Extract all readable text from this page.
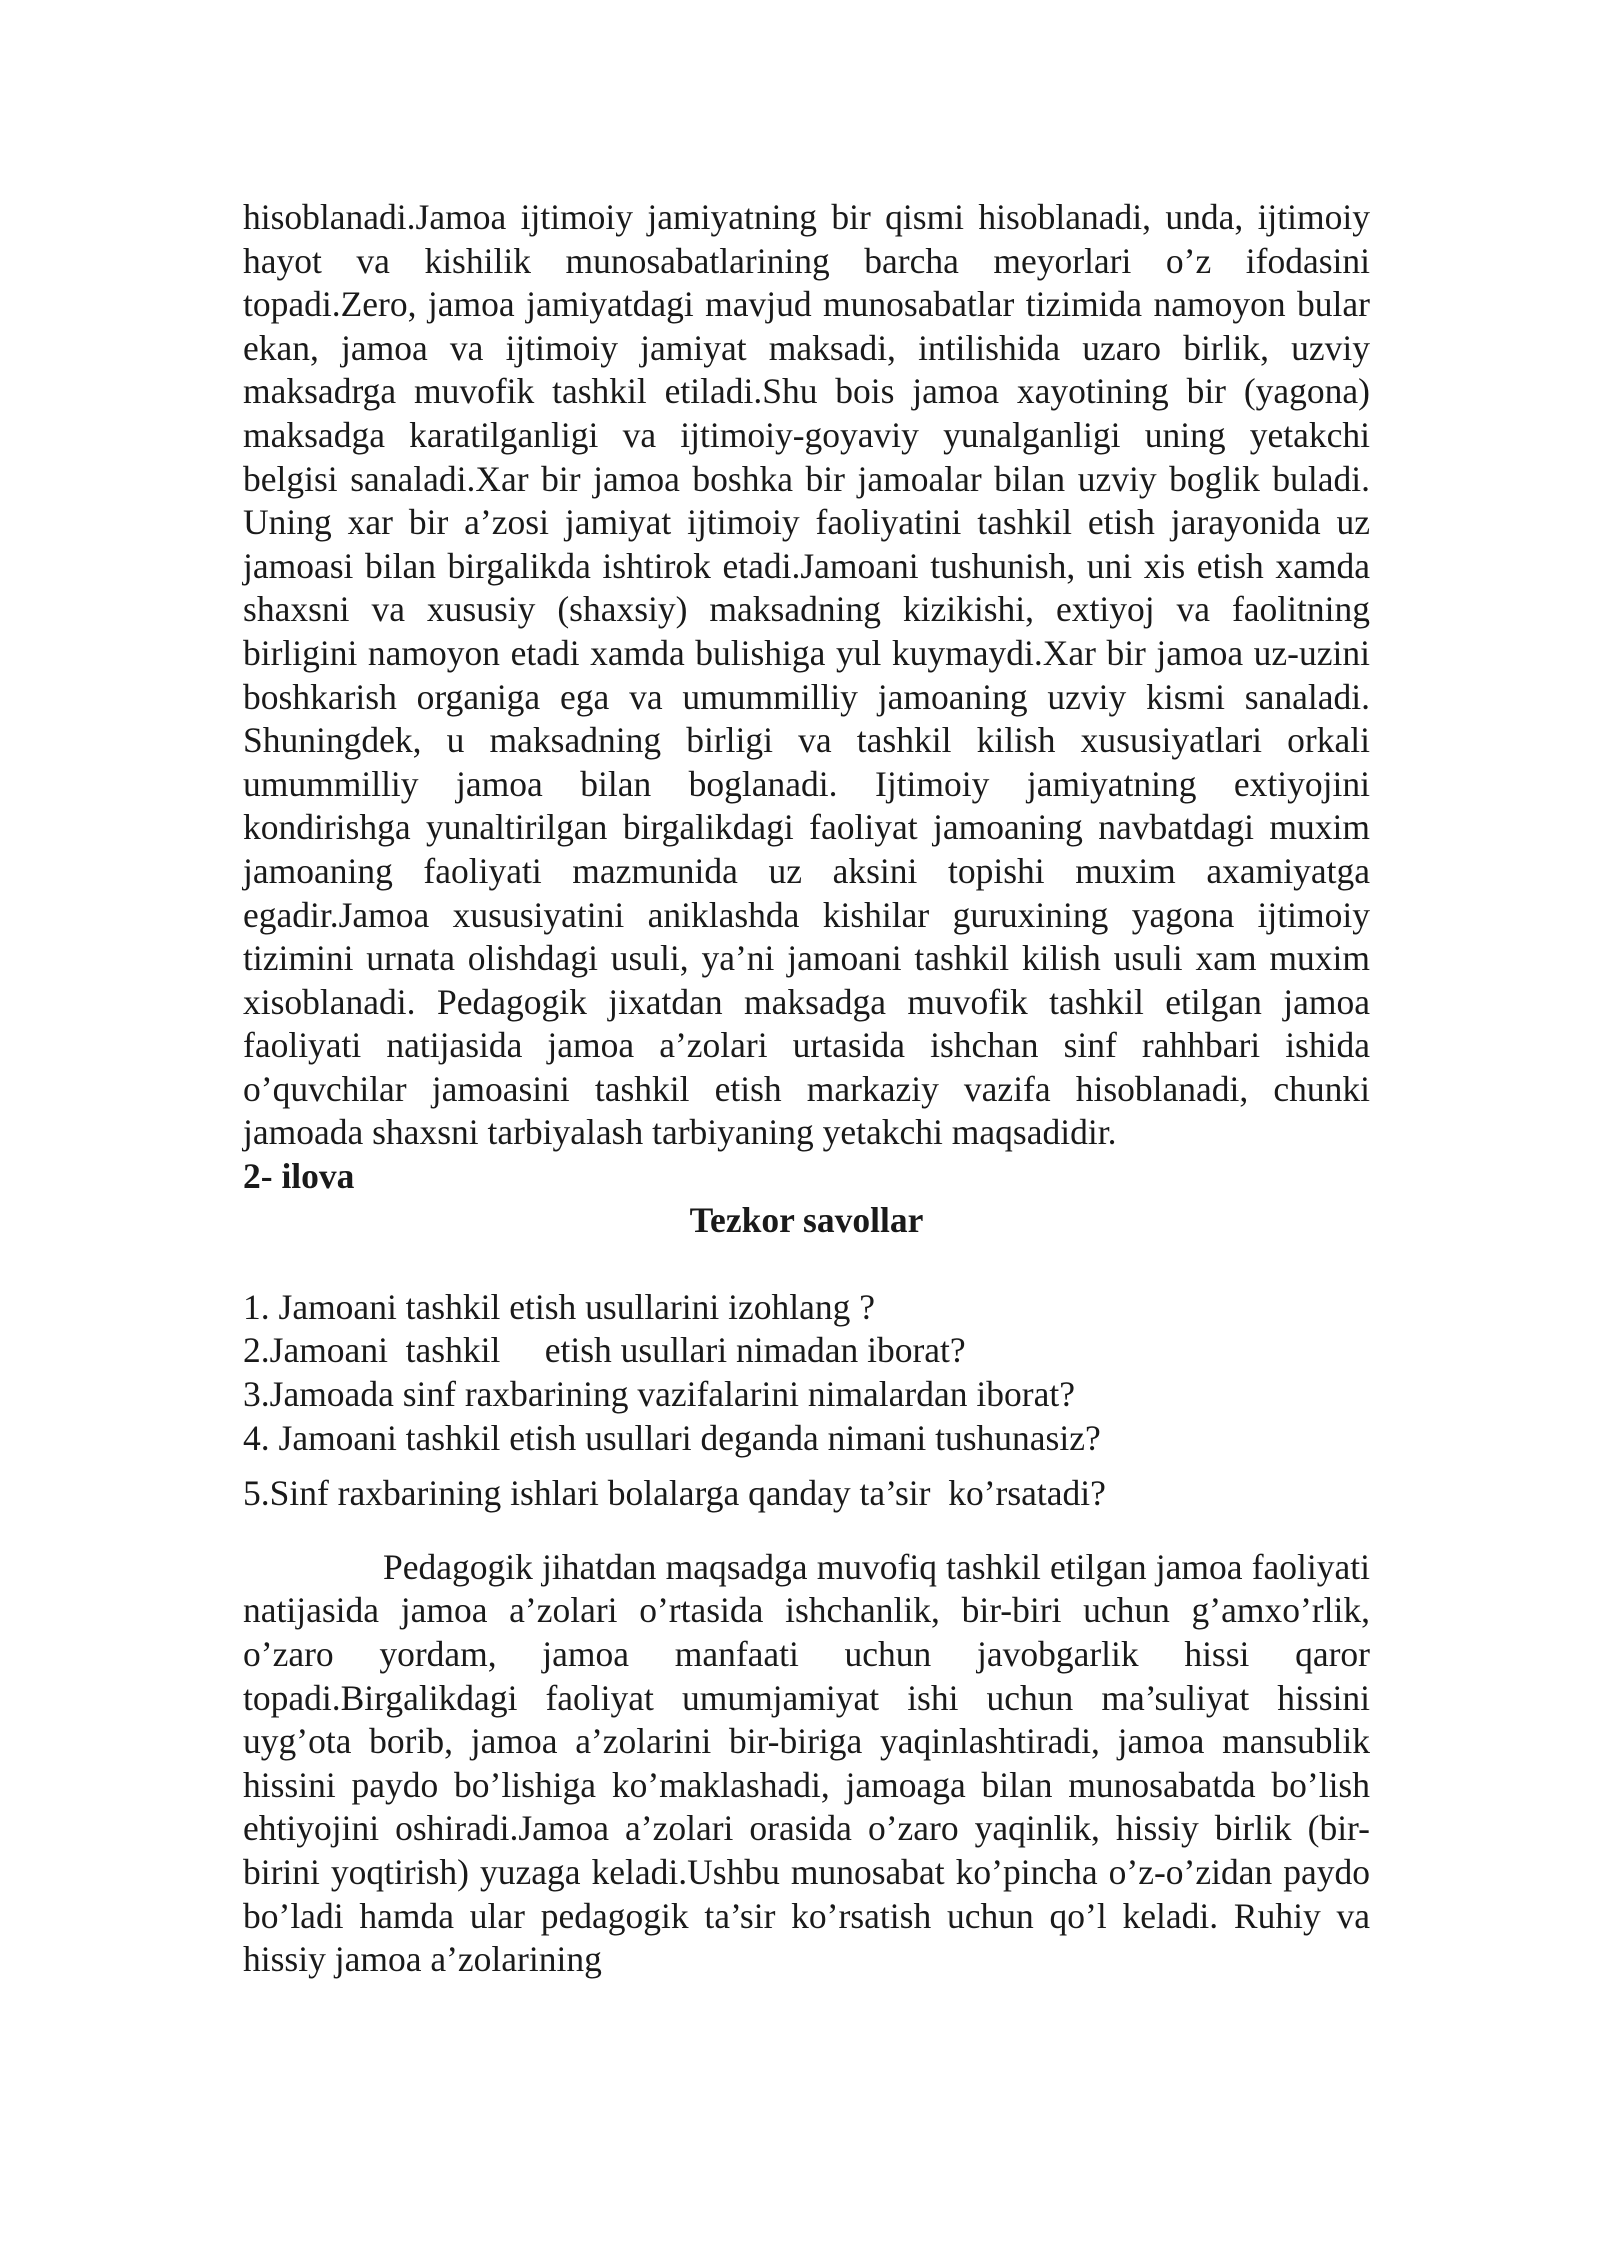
hisoblanadi.Jamoa ijtimoiy jamiyatning bir qismi hisoblanadi, unda, ijtimoiy hayot va kishilik munosabatlarining barcha meyorlari o’z ifodasini topadi.Zero, jamoa jamiyatdagi mavjud munosabatlar tizimida namoyon bular ekan, jamoa va ijtimoiy jamiyat maksadi, intilishida uzaro birlik, uzviy maksadrga muvofik tashkil etiladi.Shu bois jamoa xayotining bir (yagona) maksadga karatilganligi va ijtimoiy-goyaviy yunalganligi uning yetakchi belgisi sanaladi.Xar bir jamoa boshka bir jamoalar bilan uzviy boglik buladi. Uning xar bir a’zosi jamiyat ijtimoiy faoliyatini tashkil etish jarayonida uz jamoasi bilan birgalikda ishtirok etadi.Jamoani tushunish, uni xis etish xamda shaxsni va xususiy (shaxsiy) maksadning kizikishi, extiyoj va faolitning birligini namoyon etadi xamda bulishiga yul kuymaydi.Xar bir jamoa uz-uzini boshkarish organiga ega va umummilliy jamoaning uzviy kismi sanaladi. Shuningdek, u maksadning birligi va tashkil kilish xususiyatlari orkali umummilliy jamoa bilan boglanadi. Ijtimoiy jamiyatning extiyojini kondirishga yunaltirilgan birgalikdagi faoliyat jamoaning navbatdagi muxim jamoaning faoliyati mazmunida uz aksini topishi muxim axamiyatga egadir.Jamoa xususiyatini aniklashda kishilar guruxining yagona ijtimoiy tizimini urnata olishdagi usuli, ya’ni jamoani tashkil kilish usuli xam muxim xisoblanadi. Pedagogik jixatdan maksadga muvofik tashkil etilgan jamoa faoliyati natijasida jamoa a’zolari urtasida ishchan sinf rahhbari ishida o’quvchilar jamoasini tashkil etish markaziy vazifa hisoblanadi, chunki jamoada shaxsni tarbiyalash tarbiyaning yetakchi maqsadidir.

2- ilova

Tezkor savollar

1. Jamoani tashkil etish usullarini izohlang ?
2.Jamoani  tashkil     etish usullari nimadan iborat?
3.Jamoada sinf raxbarining vazifalarini nimalardan iborat?
4. Jamoani tashkil etish usullari deganda nimani tushunasiz?
5.Sinf raxbarining ishlari bolalarga qanday ta’sir  ko’rsatadi?

Pedagogik jihatdan maqsadga muvofiq tashkil etilgan jamoa faoliyati natijasida jamoa a’zolari o’rtasida ishchanlik, bir-biri uchun g’amxo’rlik, o’zaro yordam, jamoa manfaati uchun javobgarlik hissi qaror topadi.Birgalikdagi faoliyat umumjamiyat ishi uchun ma’suliyat hissini uyg’ota borib, jamoa a’zolarini bir-biriga yaqinlashtiradi, jamoa mansublik hissini paydo bo’lishiga ko’maklashadi, jamoaga bilan munosabatda bo’lish ehtiyojini oshiradi.Jamoa a’zolari orasida o’zaro yaqinlik, hissiy birlik (bir-birini yoqtirish) yuzaga keladi.Ushbu munosabat ko’pincha o’z-o’zidan paydo bo’ladi hamda ular pedagogik ta’sir ko’rsatish uchun qo’l keladi. Ruhiy va hissiy jamoa a’zolarining
